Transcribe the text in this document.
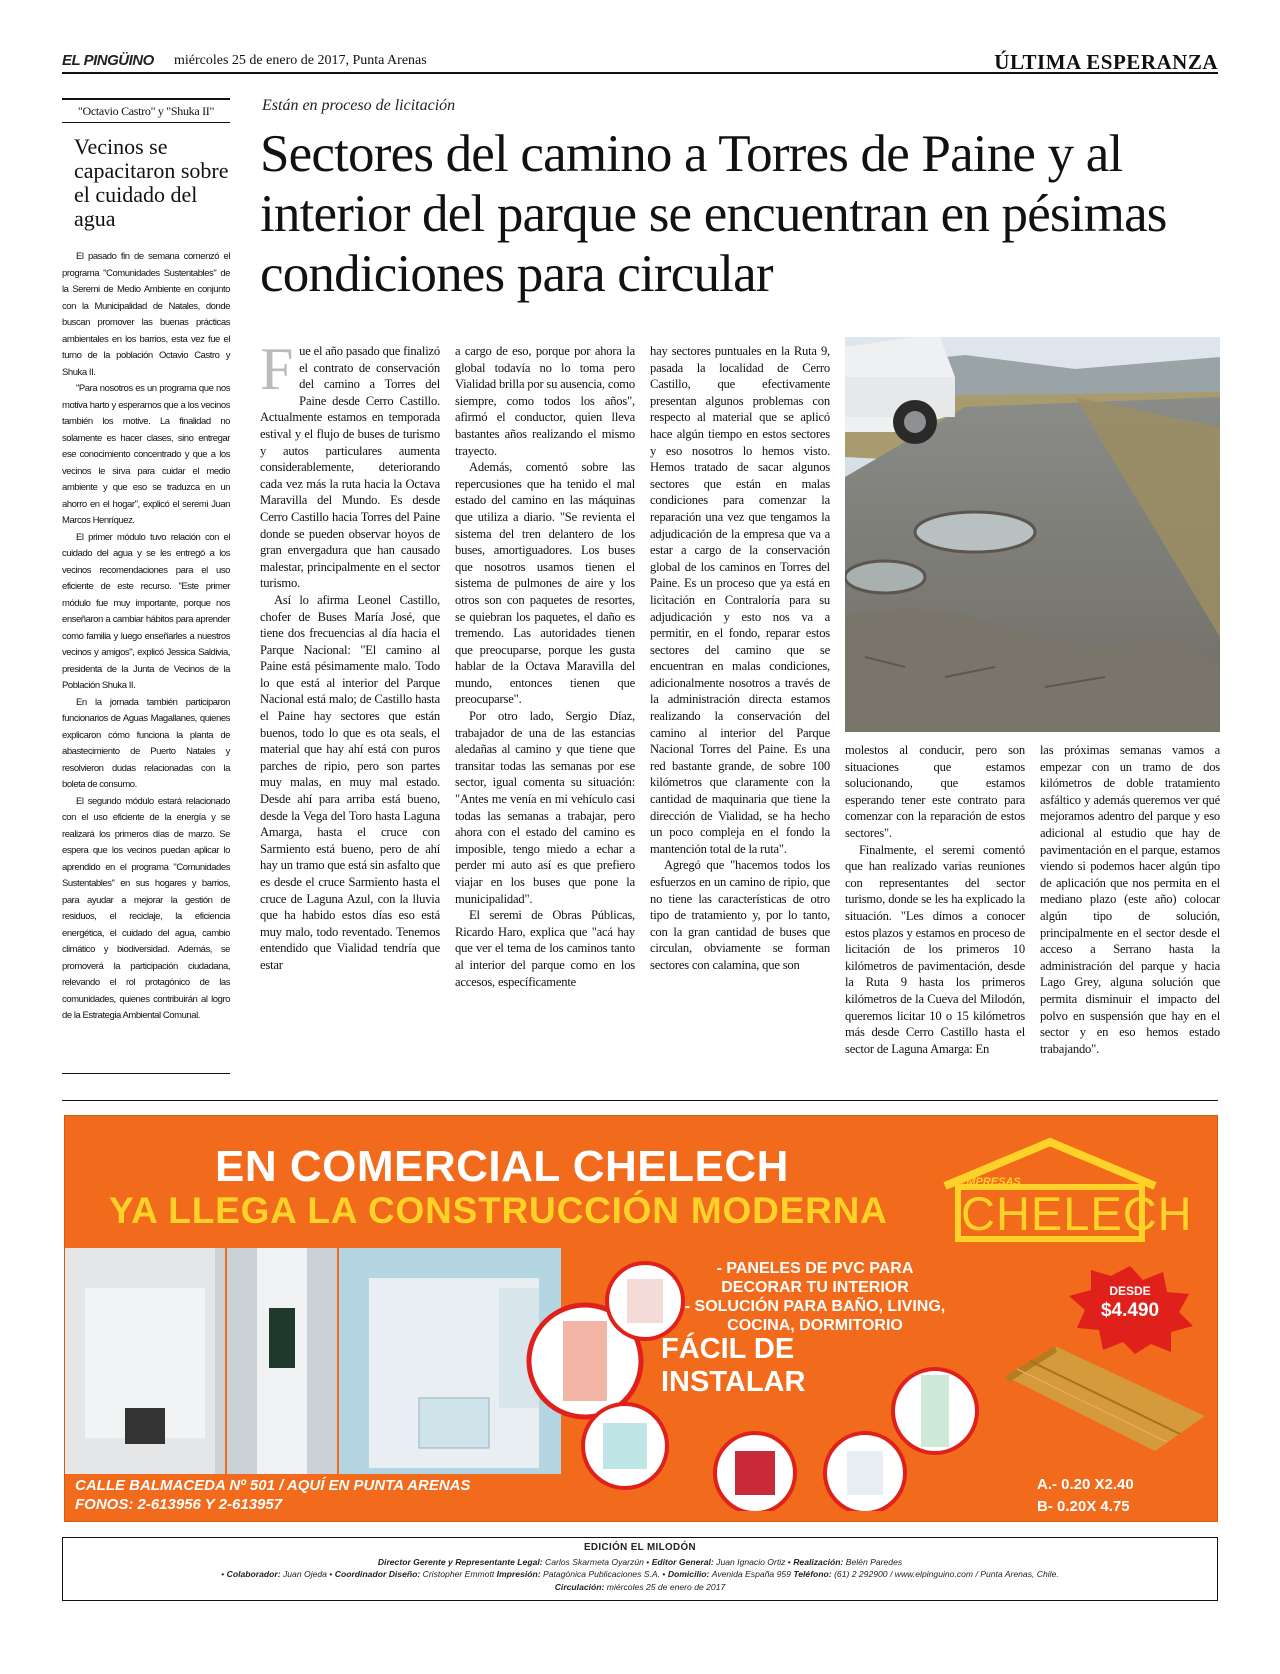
EL PINGÜINO miércoles 25 de enero de 2017, Punta Arenas	ÚLTIMA ESPERANZA
"Octavio Castro" y "Shuka II"
Vecinos se capacitaron sobre el cuidado del agua

El pasado fin de semana comenzó el programa "Comunidades Sustentables" de la Seremi de Medio Ambiente en conjunto con la Municipalidad de Natales, donde buscan promover las buenas prácticas ambientales en los barrios, esta vez fue el turno de la población Octavio Castro y Shuka II.

"Para nosotros es un programa que nos motiva harto y esperamos que a los vecinos también los motive. La finalidad no solamente es hacer clases, sino entregar ese conocimiento concentrado y que a los vecinos le sirva para cuidar el medio ambiente y que eso se traduzca en un ahorro en el hogar", explicó el seremi Juan Marcos Henríquez.

El primer módulo tuvo relación con el cuidado del agua y se les entregó a los vecinos recomendaciones para el uso eficiente de este recurso. "Este primer módulo fue muy importante, porque nos enseñaron a cambiar hábitos para aprender como familia y luego enseñarles a nuestros vecinos y amigos", explicó Jessica Saldivia, presidenta de la Junta de Vecinos de la Población Shuka II.

En la jornada también participaron funcionarios de Aguas Magallanes, quienes explicaron cómo funciona la planta de abastecimiento de Puerto Natales y resolvieron dudas relacionadas con la boleta de consumo.

El segundo módulo estará relacionado con el uso eficiente de la energía y se realizará los primeros días de marzo. Se espera que los vecinos puedan aplicar lo aprendido en el programa "Comunidades Sustentables" en sus hogares y barrios, para ayudar a mejorar la gestión de residuos, el reciclaje, la eficiencia energética, el cuidado del agua, cambio climático y biodiversidad. Además, se promoverá la participación ciudadana, relevando el rol protagónico de las comunidades, quienes contribuirán al logro de la Estrategia Ambiental Comunal.

Están en proceso de licitación
Sectores del camino a Torres de Paine y al interior del parque se encuentran en pésimas condiciones para circular

Fue el año pasado que finalizó el contrato de conservación del camino a Torres del Paine desde Cerro Castillo. Actualmente estamos en temporada estival y el flujo de buses de turismo y autos particulares aumenta considerablemente, deteriorando cada vez más la ruta hacia la Octava Maravilla del Mundo. Es desde Cerro Castillo hacia Torres del Paine donde se pueden observar hoyos de gran envergadura que han causado malestar, principalmente en el sector turismo.

Así lo afirma Leonel Castillo, chofer de Buses María José, que tiene dos frecuencias al día hacia el Parque Nacional: "El camino al Paine está pésimamente malo. Todo lo que está al interior del Parque Nacional está malo; de Castillo hasta el Paine hay sectores que están buenos, todo lo que es ota seals, el material que hay ahí está con puros parches de ripio, pero son partes muy malas, en muy mal estado. Desde ahí para arriba está bueno, desde la Vega del Toro hasta Laguna Amarga, hasta el cruce con Sarmiento está bueno, pero de ahí hay un tramo que está sin asfalto que es desde el cruce Sarmiento hasta el cruce de Laguna Azul, con la lluvia que ha habido estos días eso está muy malo, todo reventado. Tenemos entendido que Vialidad tendría que estar

a cargo de eso, porque por ahora la global todavía no lo toma pero Vialidad brilla por su ausencia, como siempre, como todos los años", afirmó el conductor, quien lleva bastantes años realizando el mismo trayecto.

Además, comentó sobre las repercusiones que ha tenido el mal estado del camino en las máquinas que utiliza a diario. "Se revienta el sistema del tren delantero de los buses, amortiguadores. Los buses que nosotros usamos tienen el sistema de pulmones de aire y los otros son con paquetes de resortes, se quiebran los paquetes, el daño es tremendo. Las autoridades tienen que preocuparse, porque les gusta hablar de la Octava Maravilla del mundo, entonces tienen que preocuparse".

Por otro lado, Sergio Díaz, trabajador de una de las estancias aledañas al camino y que tiene que transitar todas las semanas por ese sector, igual comenta su situación: "Antes me venía en mi vehículo casi todas las semanas a trabajar, pero ahora con el estado del camino es imposible, tengo miedo a echar a perder mi auto así es que prefiero viajar en los buses que pone la municipalidad".

El seremi de Obras Públicas, Ricardo Haro, explica que "acá hay que ver el tema de los caminos tanto al interior del parque como en los accesos, específicamente

hay sectores puntuales en la Ruta 9, pasada la localidad de Cerro Castillo, que efectivamente presentan algunos problemas con respecto al material que se aplicó hace algún tiempo en estos sectores y eso nosotros lo hemos visto. Hemos tratado de sacar algunos sectores que están en malas condiciones para comenzar la reparación una vez que tengamos la adjudicación de la empresa que va a estar a cargo de la conservación global de los caminos en Torres del Paine. Es un proceso que ya está en licitación en Contraloría para su adjudicación y esto nos va a permitir, en el fondo, reparar estos sectores del camino que se encuentran en malas condiciones, adicionalmente nosotros a través de la administración directa estamos realizando la conservación del camino al interior del Parque Nacional Torres del Paine. Es una red bastante grande, de sobre 100 kilómetros que claramente con la cantidad de maquinaria que tiene la dirección de Vialidad, se ha hecho un poco compleja en el fondo la mantención total de la ruta".

Agregó que "hacemos todos los esfuerzos en un camino de ripio, que no tiene las características de otro tipo de tratamiento y, por lo tanto, con la gran cantidad de buses que circulan, obviamente se forman sectores con calamina, que son

molestos al conducir, pero son situaciones que estamos solucionando, que estamos esperando tener este contrato para comenzar con la reparación de estos sectores".

Finalmente, el seremi comentó que han realizado varias reuniones con representantes del sector turismo, donde se les ha explicado la situación. "Les dimos a conocer estos plazos y estamos en proceso de licitación de los primeros 10 kilómetros de pavimentación, desde la Ruta 9 hasta los primeros kilómetros de la Cueva del Milodón, queremos licitar 10 o 15 kilómetros más desde Cerro Castillo hasta el sector de Laguna Amarga: En

las próximas semanas vamos a empezar con un tramo de dos kilómetros de doble tratamiento asfáltico y además queremos ver qué mejoramos adentro del parque y eso adicional al estudio que hay de pavimentación en el parque, estamos viendo si podemos hacer algún tipo de aplicación que nos permita en el mediano plazo (este año) colocar algún tipo de solución, principalmente en el sector desde el acceso a Serrano hasta la administración del parque y hacia Lago Grey, alguna solución que permita disminuir el impacto del polvo en suspensión que hay en el sector y en eso hemos estado trabajando".

EN COMERCIAL CHELECH
YA LLEGA LA CONSTRUCCIÓN MODERNA
EMPRESAS
CHELECH
- PANELES DE PVC PARA
DECORAR TU INTERIOR
- SOLUCIÓN PARA BAÑO, LIVING,
COCINA, DORMITORIO
FÁCIL DE
INSTALAR
DESDE
$4.490
CALLE BALMACEDA Nº 501 / AQUÍ EN PUNTA ARENAS
FONOS: 2-613956 Y 2-613957
A.- 0.20 X2.40
B- 0.20X 4.75
EDICIÓN EL MILODÓN
Director Gerente y Representante Legal: Carlos Skarmeta Oyarzún • Editor General: Juan Ignacio Ortiz • Realización: Belén Paredes
• Colaborador: Juan Ojeda • Coordinador Diseño: Cristopher Emmott Impresión: Patagónica Publicaciones S.A. • Domicilio: Avenida España 959 Teléfono: (61) 2 292900 / www.elpinguino.com / Punta Arenas, Chile.
Circulación: miércoles 25 de enero de 2017
